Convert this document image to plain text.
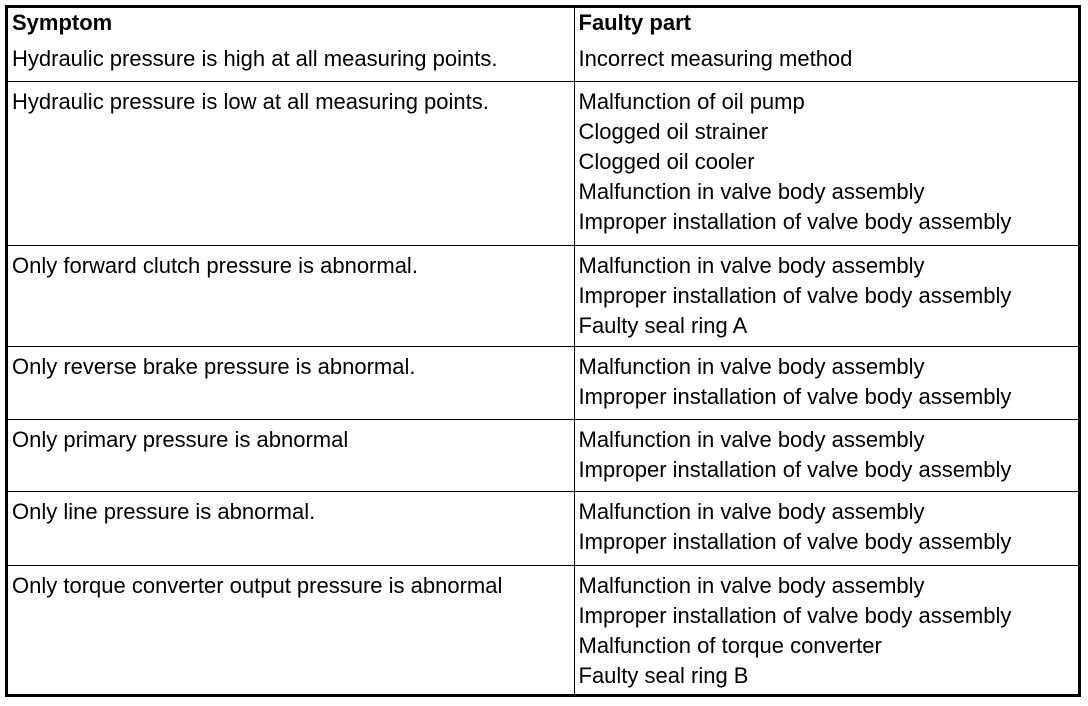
Symptom	Faulty part
Hydraulic pressure is high at all measuring points.	Incorrect measuring method

Hydraulic pressure is low at all measuring points.	Malfunction of oil pump
Clogged oil strainer
Clogged oil cooler
Malfunction in valve body assembly
Improper installation of valve body assembly

Only forward clutch pressure is abnormal.	Malfunction in valve body assembly
Improper installation of valve body assembly
Faulty seal ring A

Only reverse brake pressure is abnormal.	Malfunction in valve body assembly
Improper installation of valve body assembly

Only primary pressure is abnormal	Malfunction in valve body assembly
Improper installation of valve body assembly

Only line pressure is abnormal.	Malfunction in valve body assembly
Improper installation of valve body assembly

Only torque converter output pressure is abnormal	Malfunction in valve body assembly
Improper installation of valve body assembly
Malfunction of torque converter
Faulty seal ring B
